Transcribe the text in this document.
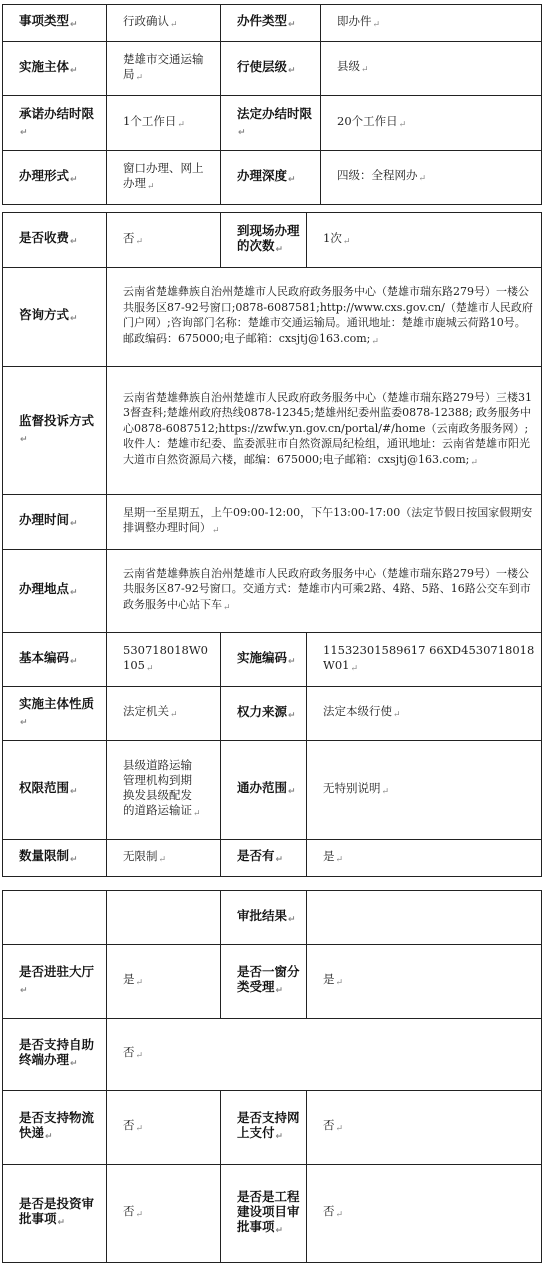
事项类型 ↵	行政确认 ↵	办件类型 ↵	即办件 ↵
实施主体 ↵	楚雄市交通运输局 ↵	行使层级 ↵	县级 ↵
承诺办结时限 ↵	1个工作日 ↵	法定办结时限 ↵	20个工作日 ↵
办理形式 ↵	窗口办理、网上办理 ↵	办理深度 ↵	四级：全程网办 ↵
是否收费 ↵	否 ↵	到现场办理的次数 ↵	1次 ↵
咨询方式 ↵	云南省楚雄彝族自治州楚雄市人民政府政务服务中心（楚雄市瑞东路279号）一楼公共服务区87-92号窗口;0878-6087581;http://www.cxs.gov.cn/（楚雄市人民政府门户网）;咨询部门名称：楚雄市交通运输局。通讯地址：楚雄市鹿城云荷路10号。邮政编码：675000;电子邮箱：cxsjtj@163.com; ↵
监督投诉方式 ↵	云南省楚雄彝族自治州楚雄市人民政府政务服务中心（楚雄市瑞东路279号）三楼313督查科;楚雄州政府热线0878-12345;楚雄州纪委州监委0878-12388; 政务服务中心0878-6087512;https://zwfw.yn.gov.cn/portal/#/home（云南政务服务网）;收件人：楚雄市纪委、监委派驻市自然资源局纪检组，通讯地址：云南省楚雄市阳光大道市自然资源局六楼，邮编：675000;电子邮箱：cxsjtj@163.com; ↵
办理时间 ↵	星期一至星期五，上午09:00-12:00，下午13:00-17:00（法定节假日按国家假期安排调整办理时间） ↵
办理地点 ↵	云南省楚雄彝族自治州楚雄市人民政府政务服务中心（楚雄市瑞东路279号）一楼公共服务区87-92号窗口。交通方式：楚雄市内可乘2路、4路、5路、16路公交车到市政务服务中心站下车 ↵
基本编码 ↵	530718018W0105 ↵	实施编码 ↵	11532301589617 66XD4530718018W01 ↵
实施主体性质 ↵	法定机关 ↵	权力来源 ↵	法定本级行使 ↵
权限范围 ↵	县级道路运输管理机构到期换发县级配发的道路运输证 ↵	通办范围 ↵	无特别说明 ↵
数量限制 ↵	无限制 ↵	是否有 ↵	是 ↵
		审批结果 ↵	
是否进驻大厅 ↵	是 ↵	是否一窗分类受理 ↵	是 ↵
是否支持自助终端办理 ↵	否 ↵
是否支持物流快递 ↵	否 ↵	是否支持网上支付 ↵	否 ↵
是否是投资审批事项 ↵	否 ↵	是否是工程建设项目审批事项 ↵	否 ↵
